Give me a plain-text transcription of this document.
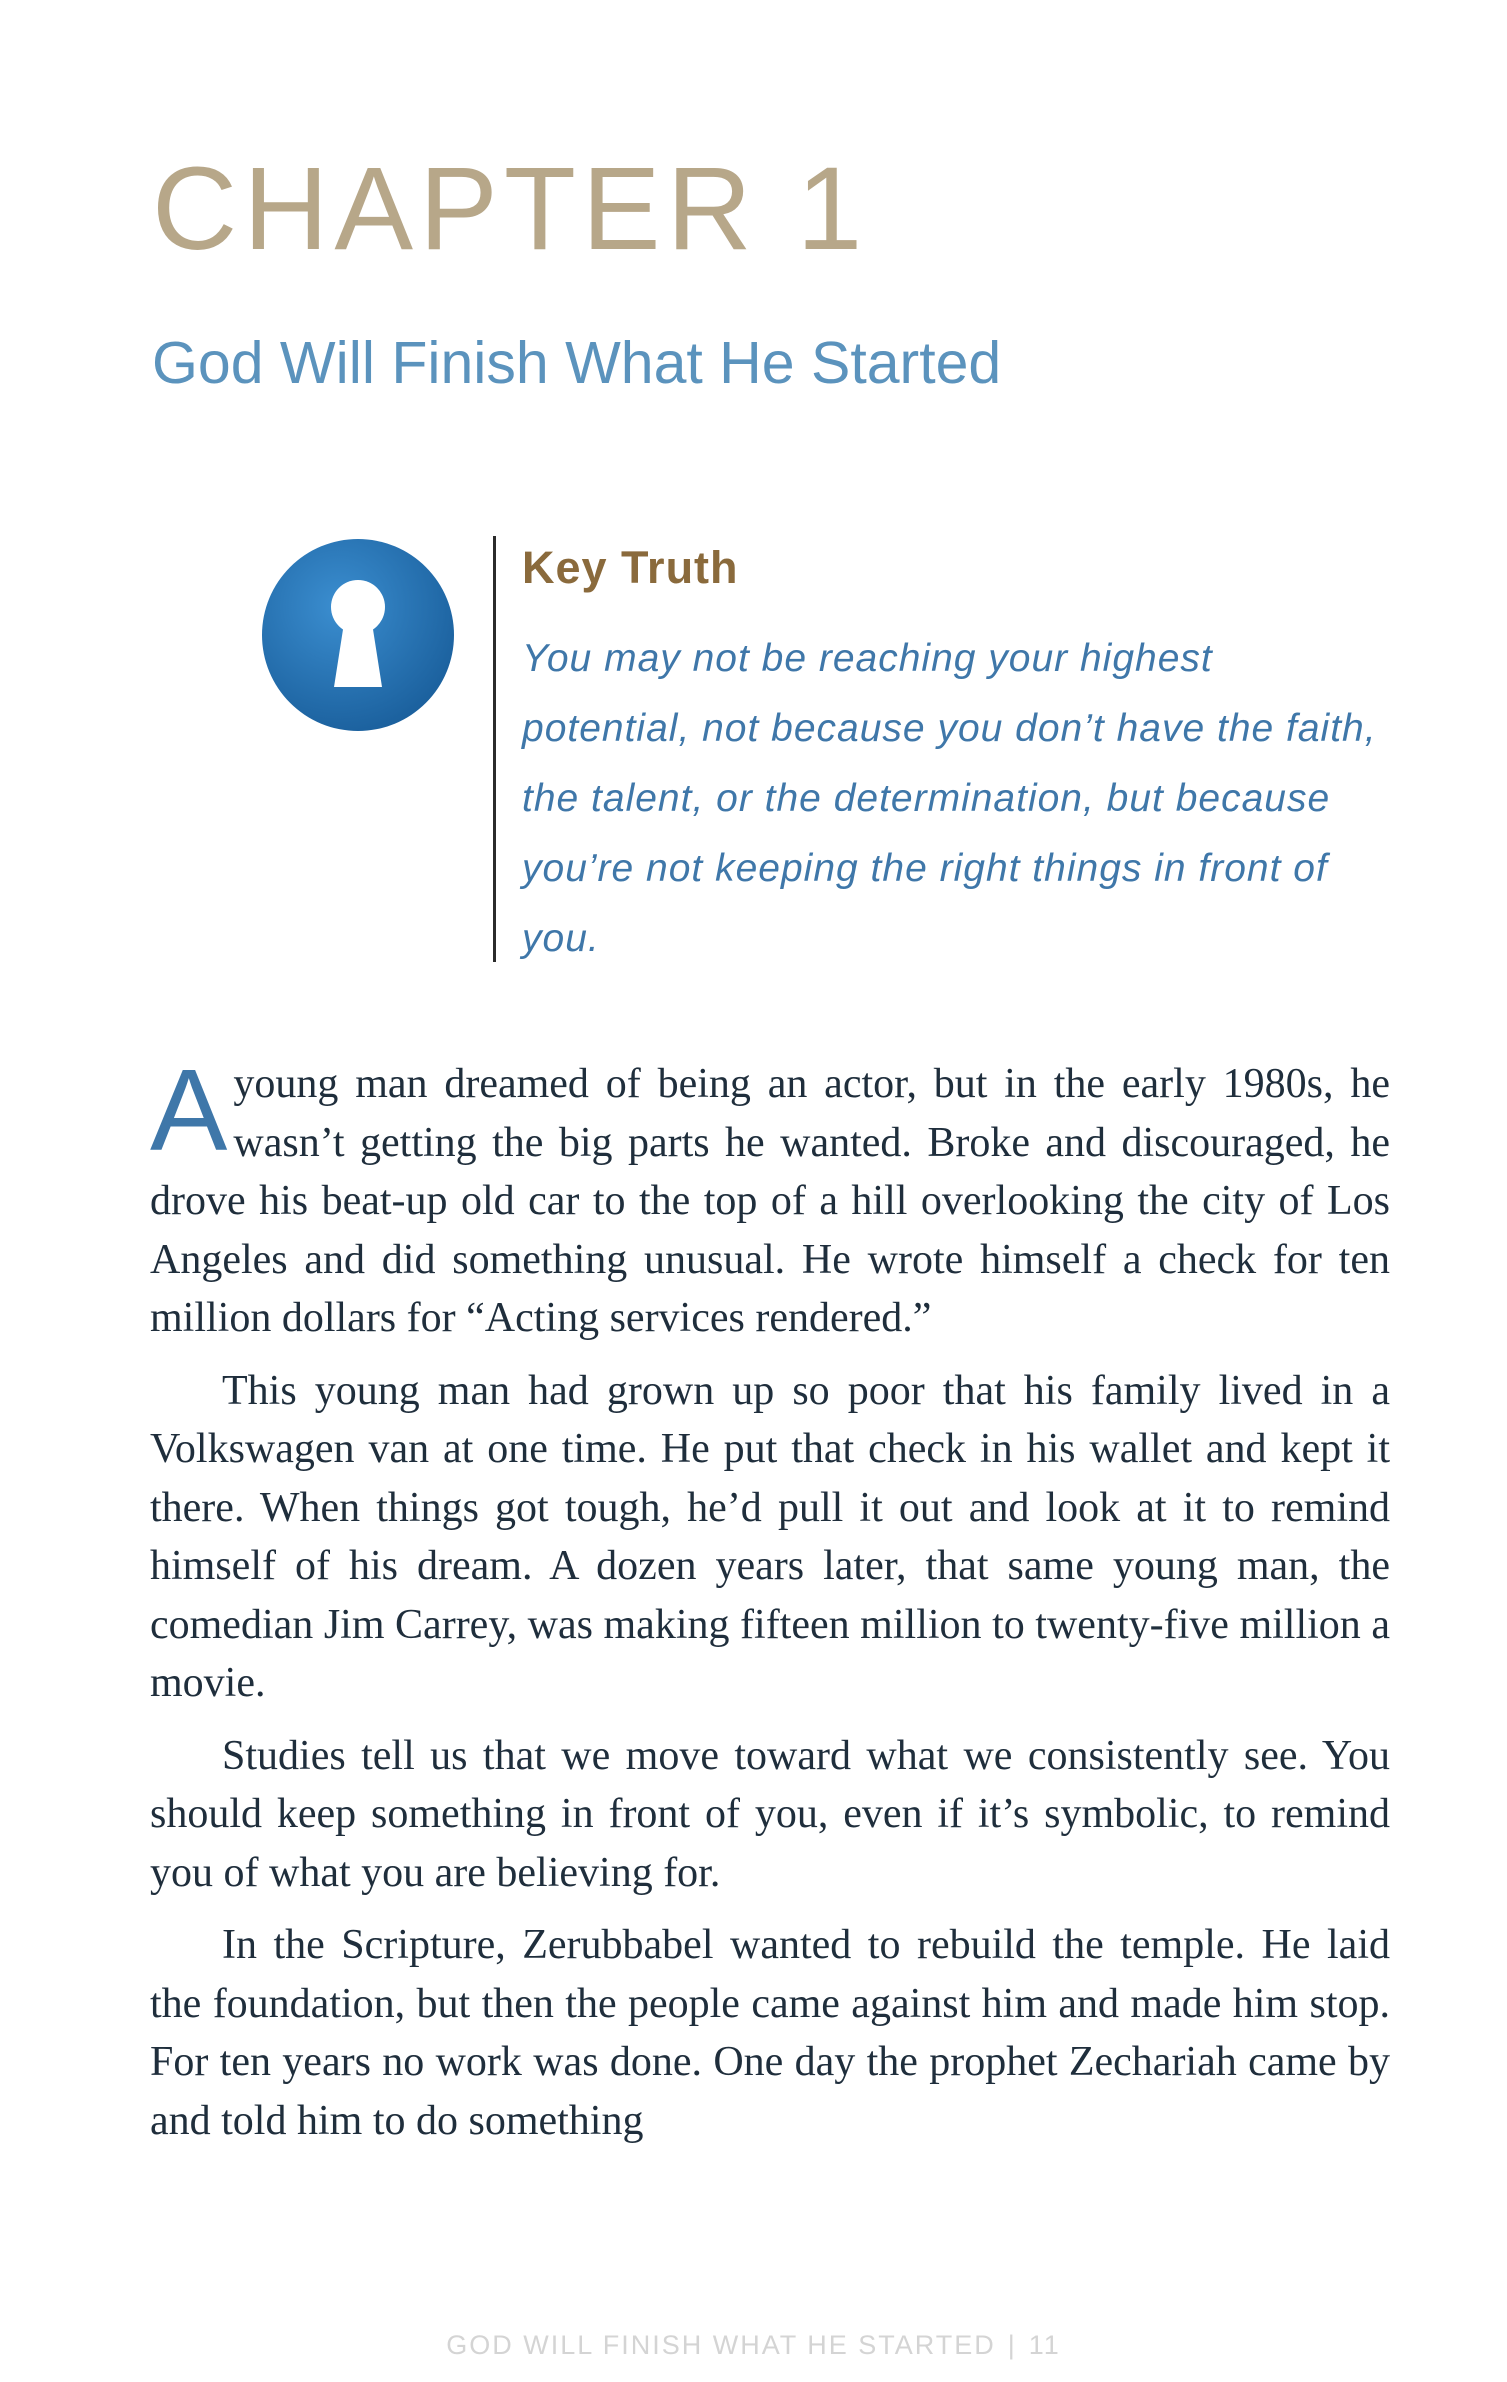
CHAPTER 1
God Will Finish What He Started
Key Truth

You may not be reaching your highest potential, not because you don’t have the faith, the talent, or the determination, but because you’re not keeping the right things in front of you.

Ayoung man dreamed of being an actor, but in the early 1980s, he wasn’t getting the big parts he wanted. Broke and discouraged, he drove his beat-up old car to the top of a hill overlooking the city of Los Angeles and did something unusual. He wrote himself a check for ten million dollars for “Acting services rendered.”

This young man had grown up so poor that his family lived in a Volkswagen van at one time. He put that check in his wallet and kept it there. When things got tough, he’d pull it out and look at it to remind himself of his dream. A dozen years later, that same young man, the comedian Jim Carrey, was making fifteen million to twenty-five million a movie.

Studies tell us that we move toward what we consistently see. You should keep something in front of you, even if it’s symbolic, to remind you of what you are believing for.

In the Scripture, Zerubbabel wanted to rebuild the temple. He laid the foundation, but then the people came against him and made him stop. For ten years no work was done. One day the prophet Zechariah came by and told him to do something

GOD WILL FINISH WHAT HE STARTED | 11
